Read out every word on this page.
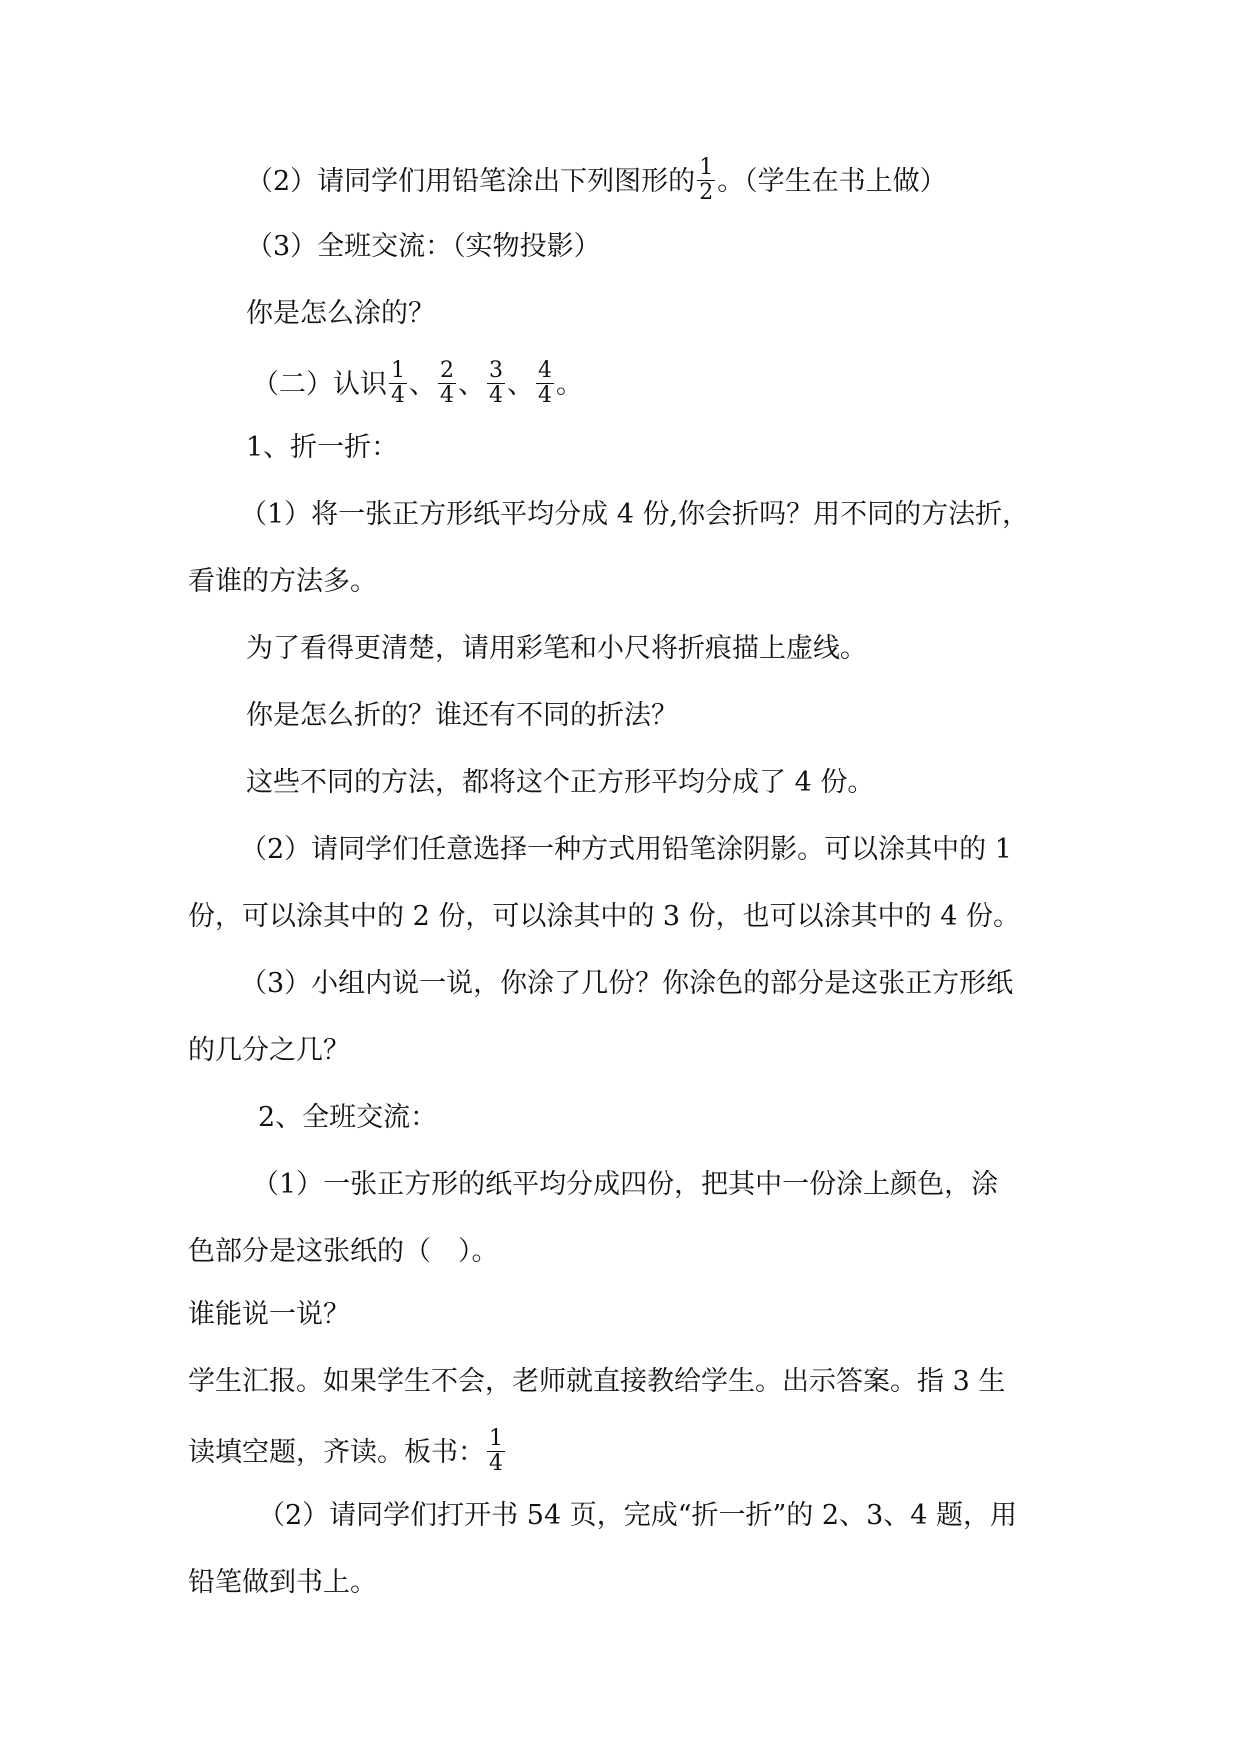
（2）请同学们用铅笔涂出下列图形的 $\frac{1}{2}$ 。（学生在书上做）
（3）全班交流：（实物投影）
你是怎么涂的？
（二）认识 $\frac{1}{4}$ 、 $\frac{2}{4}$ 、 $\frac{3}{4}$ 、 $\frac{4}{4}$ 。
1、折一折：
（1）将一张正方形纸平均分成 4 份,你会折吗？用不同的方法折，
看谁的方法多。
为了看得更清楚，请用彩笔和小尺将折痕描上虚线。
你是怎么折的？谁还有不同的折法？
这些不同的方法，都将这个正方形平均分成了 4 份。
（2）请同学们任意选择一种方式用铅笔涂阴影。可以涂其中的 1
份，可以涂其中的 2 份，可以涂其中的 3 份，也可以涂其中的 4 份。
（3）小组内说一说，你涂了几份？你涂色的部分是这张正方形纸
的几分之几？
2、全班交流：
（1）一张正方形的纸平均分成四份，把其中一份涂上颜色，涂
色部分是这张纸的（　）。
谁能说一说？
学生汇报。如果学生不会，老师就直接教给学生。出示答案。指 3 生
读填空题，齐读。板书： $\frac{1}{4}$
（2）请同学们打开书 54 页，完成“折一折”的 2、3、4 题，用
铅笔做到书上。
